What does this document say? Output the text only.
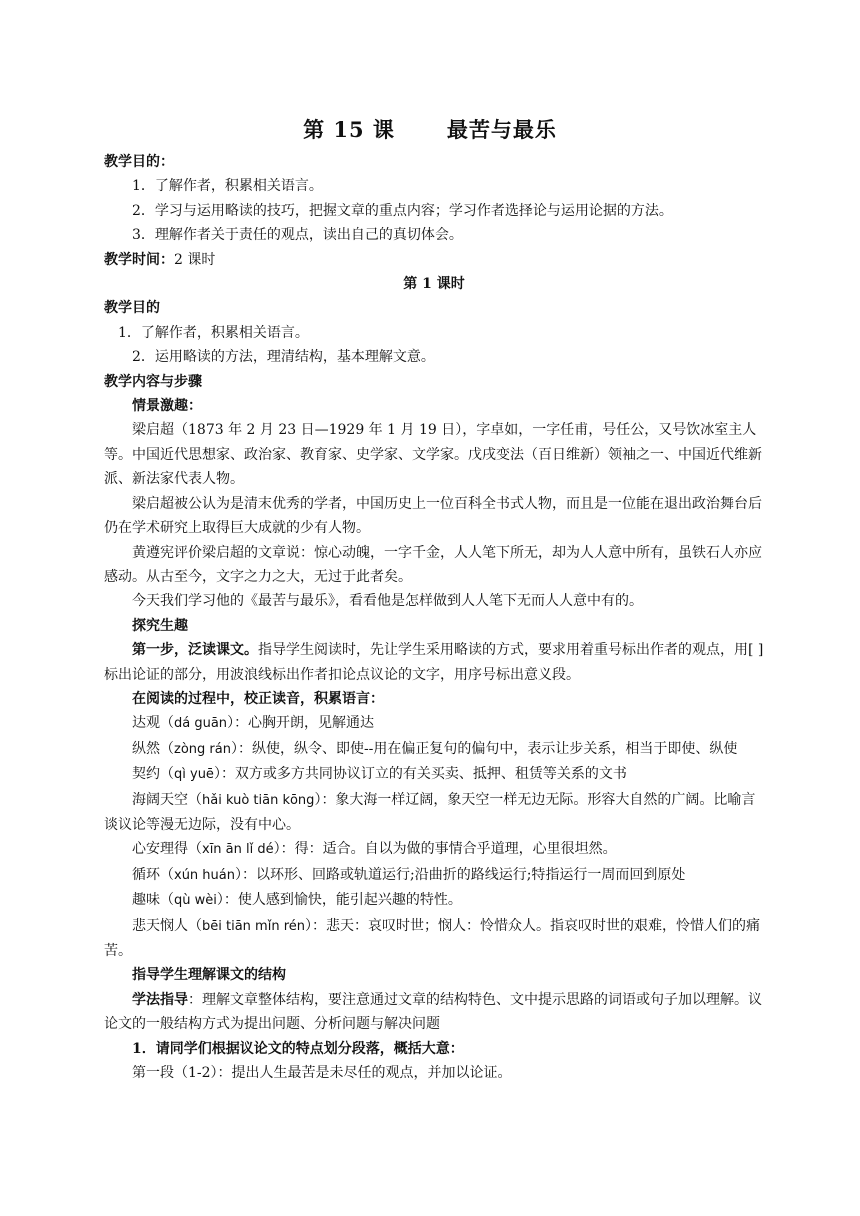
第 15 课 最苦与最乐

教学目的：

1．了解作者，积累相关语言。

2．学习与运用略读的技巧，把握文章的重点内容；学习作者选择论与运用论据的方法。

3．理解作者关于责任的观点，读出自己的真切体会。

教学时间：2 课时

第 1 课时

教学目的

1．了解作者，积累相关语言。

2．运用略读的方法，理清结构，基本理解文意。

教学内容与步骤

情景激趣：

梁启超（1873 年 2 月 23 日—1929 年 1 月 19 日），字卓如，一字任甫，号任公，又号饮冰室主人等。中国近代思想家、政治家、教育家、史学家、文学家。戊戌变法（百日维新）领袖之一、中国近代维新派、新法家代表人物。

梁启超被公认为是清末优秀的学者，中国历史上一位百科全书式人物，而且是一位能在退出政治舞台后仍在学术研究上取得巨大成就的少有人物。

黄遵宪评价梁启超的文章说：惊心动魄，一字千金，人人笔下所无，却为人人意中所有，虽铁石人亦应感动。从古至今，文字之力之大，无过于此者矣。

今天我们学习他的《最苦与最乐》，看看他是怎样做到人人笔下无而人人意中有的。

探究生趣

第一步，泛读课文。指导学生阅读时，先让学生采用略读的方式，要求用着重号标出作者的观点，用[ ]标出论证的部分，用波浪线标出作者扣论点议论的文字，用序号标出意义段。

在阅读的过程中，校正读音，积累语言：

达观（dá guān）：心胸开朗，见解通达

纵然（zòng rán）：纵使，纵令、即使--用在偏正复句的偏句中，表示让步关系，相当于即使、纵使

契约（qì yuē）：双方或多方共同协议订立的有关买卖、抵押、租赁等关系的文书

海阔天空（hǎi kuò tiān kōng）：象大海一样辽阔，象天空一样无边无际。形容大自然的广阔。比喻言谈议论等漫无边际，没有中心。

心安理得（xīn ān lǐ dé）：得：适合。自以为做的事情合乎道理，心里很坦然。

循环（xún huán）：以环形、回路或轨道运行;沿曲折的路线运行;特指运行一周而回到原处

趣味（qù wèi）：使人感到愉快，能引起兴趣的特性。

悲天悯人（bēi tiān mǐn rén）：悲天：哀叹时世；悯人：怜惜众人。指哀叹时世的艰难，怜惜人们的痛苦。

指导学生理解课文的结构

学法指导：理解文章整体结构，要注意通过文章的结构特色、文中提示思路的词语或句子加以理解。议论文的一般结构方式为提出问题、分析问题与解决问题

1．请同学们根据议论文的特点划分段落，概括大意：

第一段（1-2）：提出人生最苦是未尽任的观点，并加以论证。
